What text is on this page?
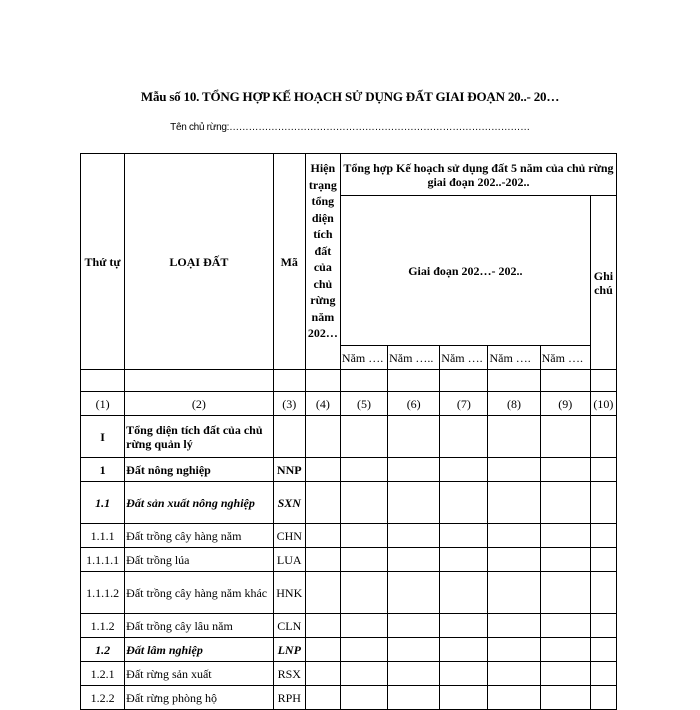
Mẫu số 10. TỔNG HỢP KẾ HOẠCH SỬ DỤNG ĐẤT GIAI ĐOẠN 20..- 20…
Tên chủ rừng:…………………………………………………………………………………
Thứ tự	LOẠI ĐẤT	Mã	Hiện trạng tổng diện tích đất của chủ rừng năm 202…	Tổng hợp Kế hoạch sử dụng đất 5 năm của chủ rừng giai đoạn 202..-202..					
				Giai đoạn 202…- 202..					Ghi chú
				Năm ….	Năm …..	Năm ….	Năm ….	Năm ….	

(1)	(2)	(3)	(4)	(5)	(6)	(7)	(8)	(9)	(10)
I	Tổng diện tích đất của chủ rừng quản lý								
1	Đất nông nghiệp	NNP							
1.1	Đất sản xuất nông nghiệp	SXN							
1.1.1	Đất trồng cây hàng năm	CHN							
1.1.1.1	Đất trồng lúa	LUA							
1.1.1.2	Đất trồng cây hàng năm khác	HNK							
1.1.2	Đất trồng cây lâu năm	CLN							
1.2	Đất lâm nghiệp	LNP							
1.2.1	Đất rừng sản xuất	RSX							
1.2.2	Đất rừng phòng hộ	RPH							
